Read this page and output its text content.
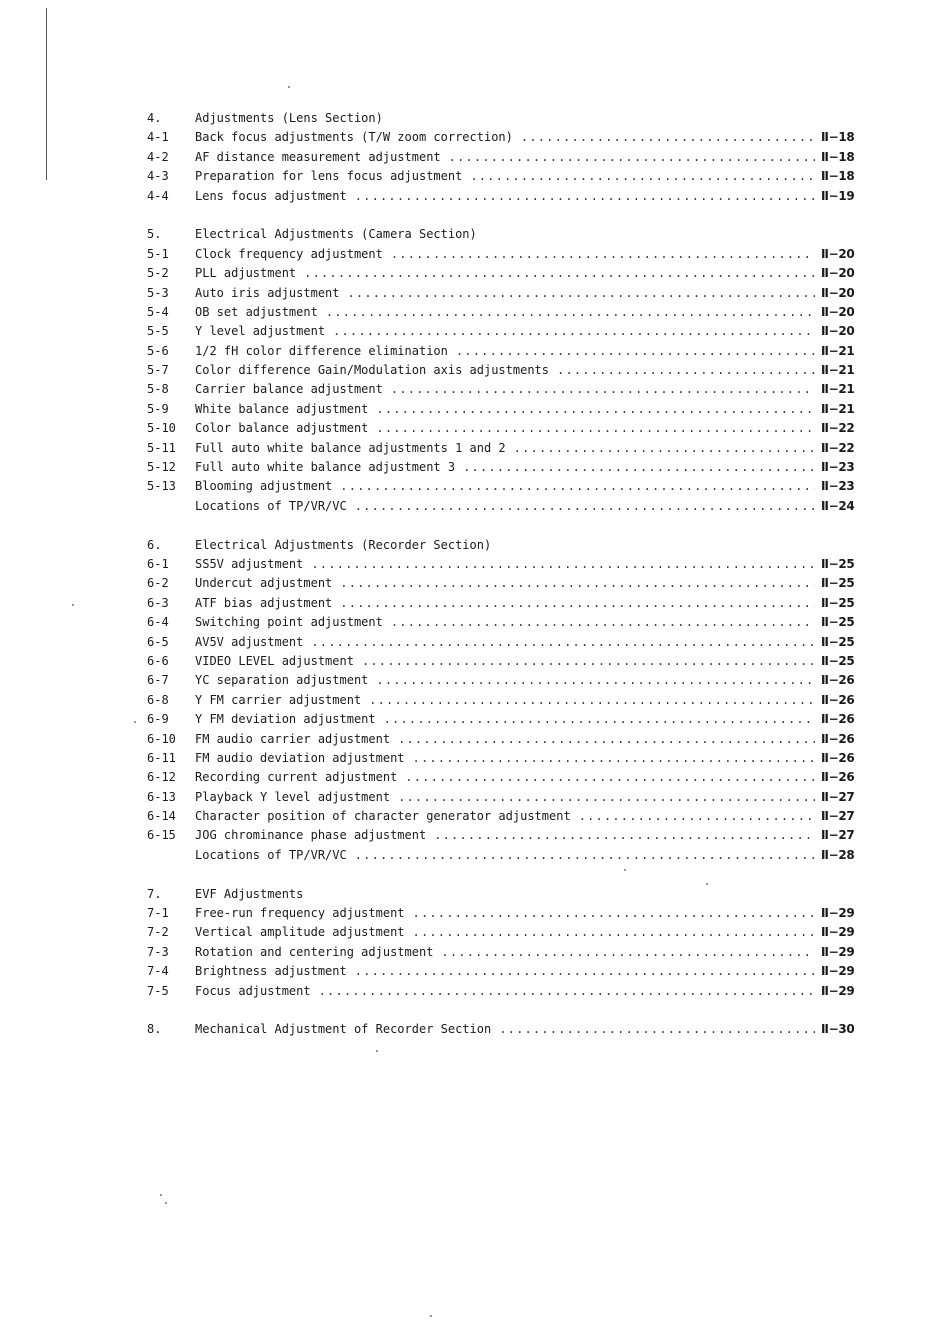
4.	Adjustments (Lens Section)
4-1	Back focus adjustments (T/W zoom correction) .....	Ⅱ−18
4-2	AF distance measurement adjustment .....	Ⅱ−18
4-3	Preparation for lens focus adjustment .....	Ⅱ−18
4-4	Lens focus adjustment .....	Ⅱ−19
5.	Electrical Adjustments (Camera Section)
5-1	Clock frequency adjustment .....	Ⅱ−20
5-2	PLL adjustment .....	Ⅱ−20
5-3	Auto iris adjustment .....	Ⅱ−20
5-4	OB set adjustment .....	Ⅱ−20
5-5	Y level adjustment .....	Ⅱ−20
5-6	1/2 fH color difference elimination .....	Ⅱ−21
5-7	Color difference Gain/Modulation axis adjustments .....	Ⅱ−21
5-8	Carrier balance adjustment .....	Ⅱ−21
5-9	White balance adjustment .....	Ⅱ−21
5-10	Color balance adjustment .....	Ⅱ−22
5-11	Full auto white balance adjustments 1 and 2 .....	Ⅱ−22
5-12	Full auto white balance adjustment 3 .....	Ⅱ−23
5-13	Blooming adjustment .....	Ⅱ−23
Locations of TP/VR/VC .....	Ⅱ−24
6.	Electrical Adjustments (Recorder Section)
6-1	SS5V adjustment .....	Ⅱ−25
6-2	Undercut adjustment .....	Ⅱ−25
6-3	ATF bias adjustment .....	Ⅱ−25
6-4	Switching point adjustment .....	Ⅱ−25
6-5	AV5V adjustment .....	Ⅱ−25
6-6	VIDEO LEVEL adjustment .....	Ⅱ−25
6-7	YC separation adjustment .....	Ⅱ−26
6-8	Y FM carrier adjustment .....	Ⅱ−26
6-9	Y FM deviation adjustment .....	Ⅱ−26
6-10	FM audio carrier adjustment .....	Ⅱ−26
6-11	FM audio deviation adjustment .....	Ⅱ−26
6-12	Recording current adjustment .....	Ⅱ−26
6-13	Playback Y level adjustment .....	Ⅱ−27
6-14	Character position of character generator adjustment .....	Ⅱ−27
6-15	JOG chrominance phase adjustment .....	Ⅱ−27
Locations of TP/VR/VC .....	Ⅱ−28
7.	EVF Adjustments
7-1	Free-run frequency adjustment .....	Ⅱ−29
7-2	Vertical amplitude adjustment .....	Ⅱ−29
7-3	Rotation and centering adjustment .....	Ⅱ−29
7-4	Brightness adjustment .....	Ⅱ−29
7-5	Focus adjustment .....	Ⅱ−29
8.	Mechanical Adjustment of Recorder Section .....	Ⅱ−30
